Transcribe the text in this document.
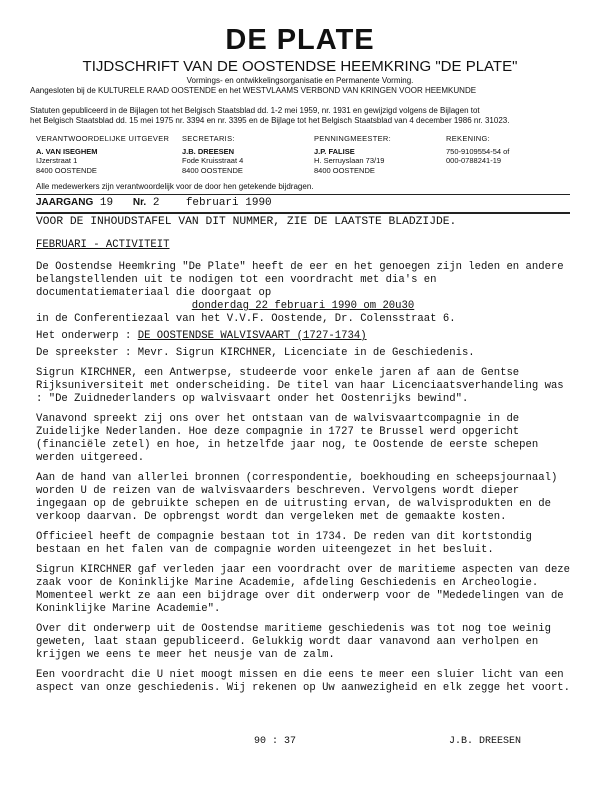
DE PLATE
TIJDSCHRIFT VAN DE OOSTENDSE HEEMKRING "DE PLATE"
Vormings- en ontwikkelingsorganisatie en Permanente Vorming.
Aangesloten bij de KULTURELE RAAD OOSTENDE en het WESTVLAAMS VERBOND VAN KRINGEN VOOR HEEMKUNDE
Statuten gepubliceerd in de Bijlagen tot het Belgisch Staatsblad dd. 1-2 mei 1959, nr. 1931 en gewijzigd volgens de Bijlagen tot
het Belgisch Staatsblad dd. 15 mei 1975 nr. 3394 en nr. 3395 en de Bijlage tot het Belgisch Staatsblad van 4 december 1986 nr. 31023.
VERANTWOORDELIJKE UITGEVER
A. VAN ISEGHEM
IJzerstraat 1
8400 OOSTENDE
SECRETARIS:
J.B. DREESEN
Fode Kruisstraat 4
8400 OOSTENDE
PENNINGMEESTER:
J.P. FALISE
H. Serruyslaan 73/19
8400 OOSTENDE
REKENING:
750-9109554-54 of
000-0788241-19
Alle medewerkers zijn verantwoordelijk voor de door hen getekende bijdragen.
JAARGANG 19 Nr. 2 februari 1990

VOOR DE INHOUDSTAFEL VAN DIT NUMMER, ZIE DE LAATSTE BLADZIJDE.

FEBRUARI - ACTIVITEIT

De Oostendse Heemkring "De Plate" heeft de eer en het genoegen zijn leden en andere belangstellenden uit te nodigen tot een voordracht met dia's en documentatiemateriaal die doorgaat op

donderdag 22 februari 1990 om 20u30

in de Conferentiezaal van het V.V.F. Oostende, Dr. Colensstraat 6.

Het onderwerp : DE OOSTENDSE WALVISVAART (1727-1734)

De spreekster : Mevr. Sigrun KIRCHNER, Licenciate in de Geschiedenis.

Sigrun KIRCHNER, een Antwerpse, studeerde voor enkele jaren af aan de Gentse Rijksuniversiteit met onderscheiding. De titel van haar Licenciaatsverhandeling was : "De Zuidnederlanders op walvisvaart onder het Oostenrijks bewind".

Vanavond spreekt zij ons over het ontstaan van de walvisvaartcompagnie in de Zuidelijke Nederlanden. Hoe deze compagnie in 1727 te Brussel werd opgericht (financiële zetel) en hoe, in hetzelfde jaar nog, te Oostende de eerste schepen werden uitgereed.

Aan de hand van allerlei bronnen (correspondentie, boekhouding en scheepsjournaal) worden U de reizen van de walvisvaarders beschreven. Vervolgens wordt dieper ingegaan op de gebruikte schepen en de uitrusting ervan, de walvisprodukten en de verkoop daarvan. De opbrengst wordt dan vergeleken met de gemaakte kosten.

Officieel heeft de compagnie bestaan tot in 1734. De reden van dit kortstondig bestaan en het falen van de compagnie worden uiteengezet in het besluit.

Sigrun KIRCHNER gaf verleden jaar een voordracht over de maritieme aspecten van deze zaak voor de Koninklijke Marine Academie, afdeling Geschiedenis en Archeologie. Momenteel werkt ze aan een bijdrage over dit onderwerp voor de "Mededelingen van de Koninklijke Marine Academie".

Over dit onderwerp uit de Oostendse maritieme geschiedenis was tot nog toe weinig geweten, laat staan gepubliceerd. Gelukkig wordt daar vanavond aan verholpen en krijgen we eens te meer het neusje van de zalm.

Een voordracht die U niet moogt missen en die eens te meer een sluier licht van een aspect van onze geschiedenis. Wij rekenen op Uw aanwezigheid en elk zegge het voort.

90 : 37	J.B. DREESEN
